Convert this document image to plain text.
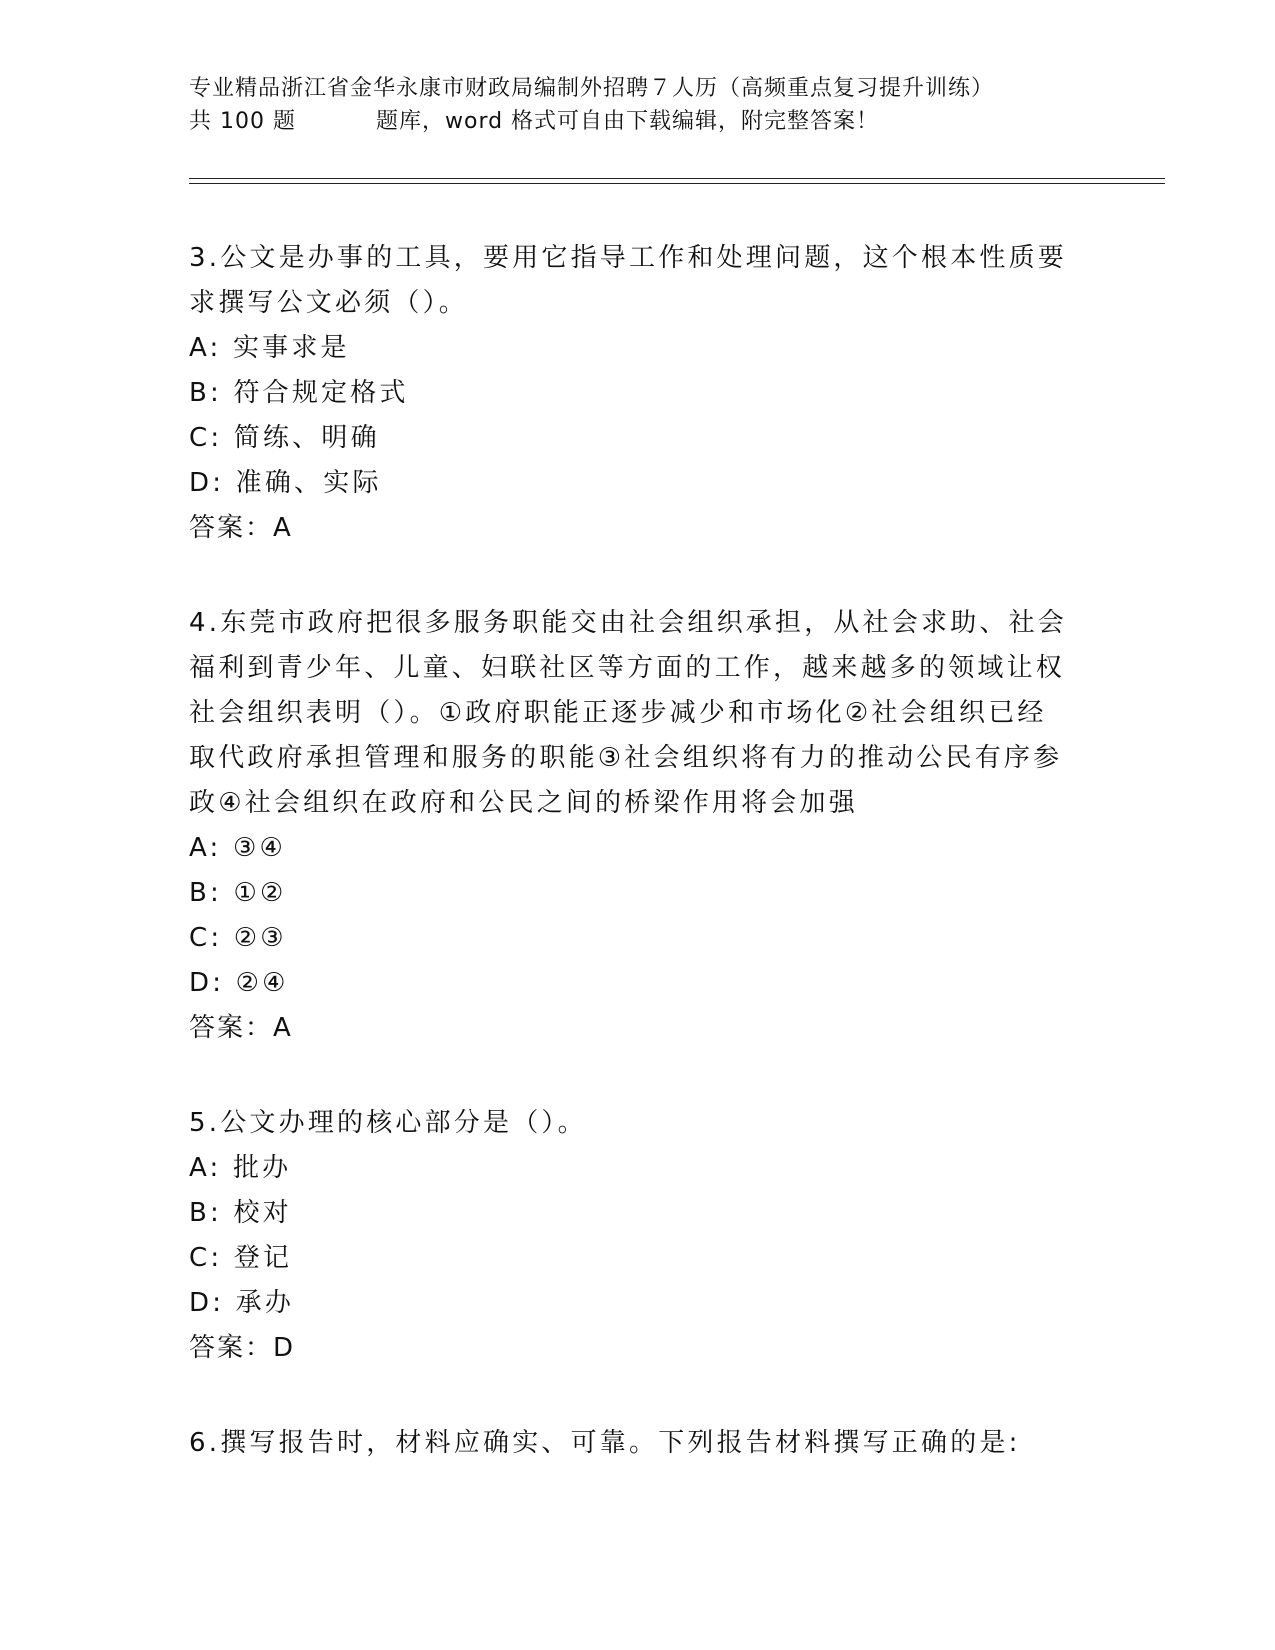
专业精品浙江省金华永康市财政局编制外招聘７人历（高频重点复习提升训练）
共 100 题	题库，word 格式可自由下载编辑，附完整答案！

3.公文是办事的工具，要用它指导工作和处理问题，这个根本性质要求撰写公文必须（）。

A: 实事求是

B: 符合规定格式

C: 简练、明确

D: 准确、实际

答案：A

4.东莞市政府把很多服务职能交由社会组织承担，从社会求助、社会福利到青少年、儿童、妇联社区等方面的工作，越来越多的领域让权社会组织表明（）。①政府职能正逐步减少和市场化②社会组织已经取代政府承担管理和服务的职能③社会组织将有力的推动公民有序参政④社会组织在政府和公民之间的桥梁作用将会加强

A: ③④

B: ①②

C: ②③

D: ②④

答案：A

5.公文办理的核心部分是（）。

A: 批办

B: 校对

C: 登记

D: 承办

答案：D

6.撰写报告时，材料应确实、可靠。下列报告材料撰写正确的是:
